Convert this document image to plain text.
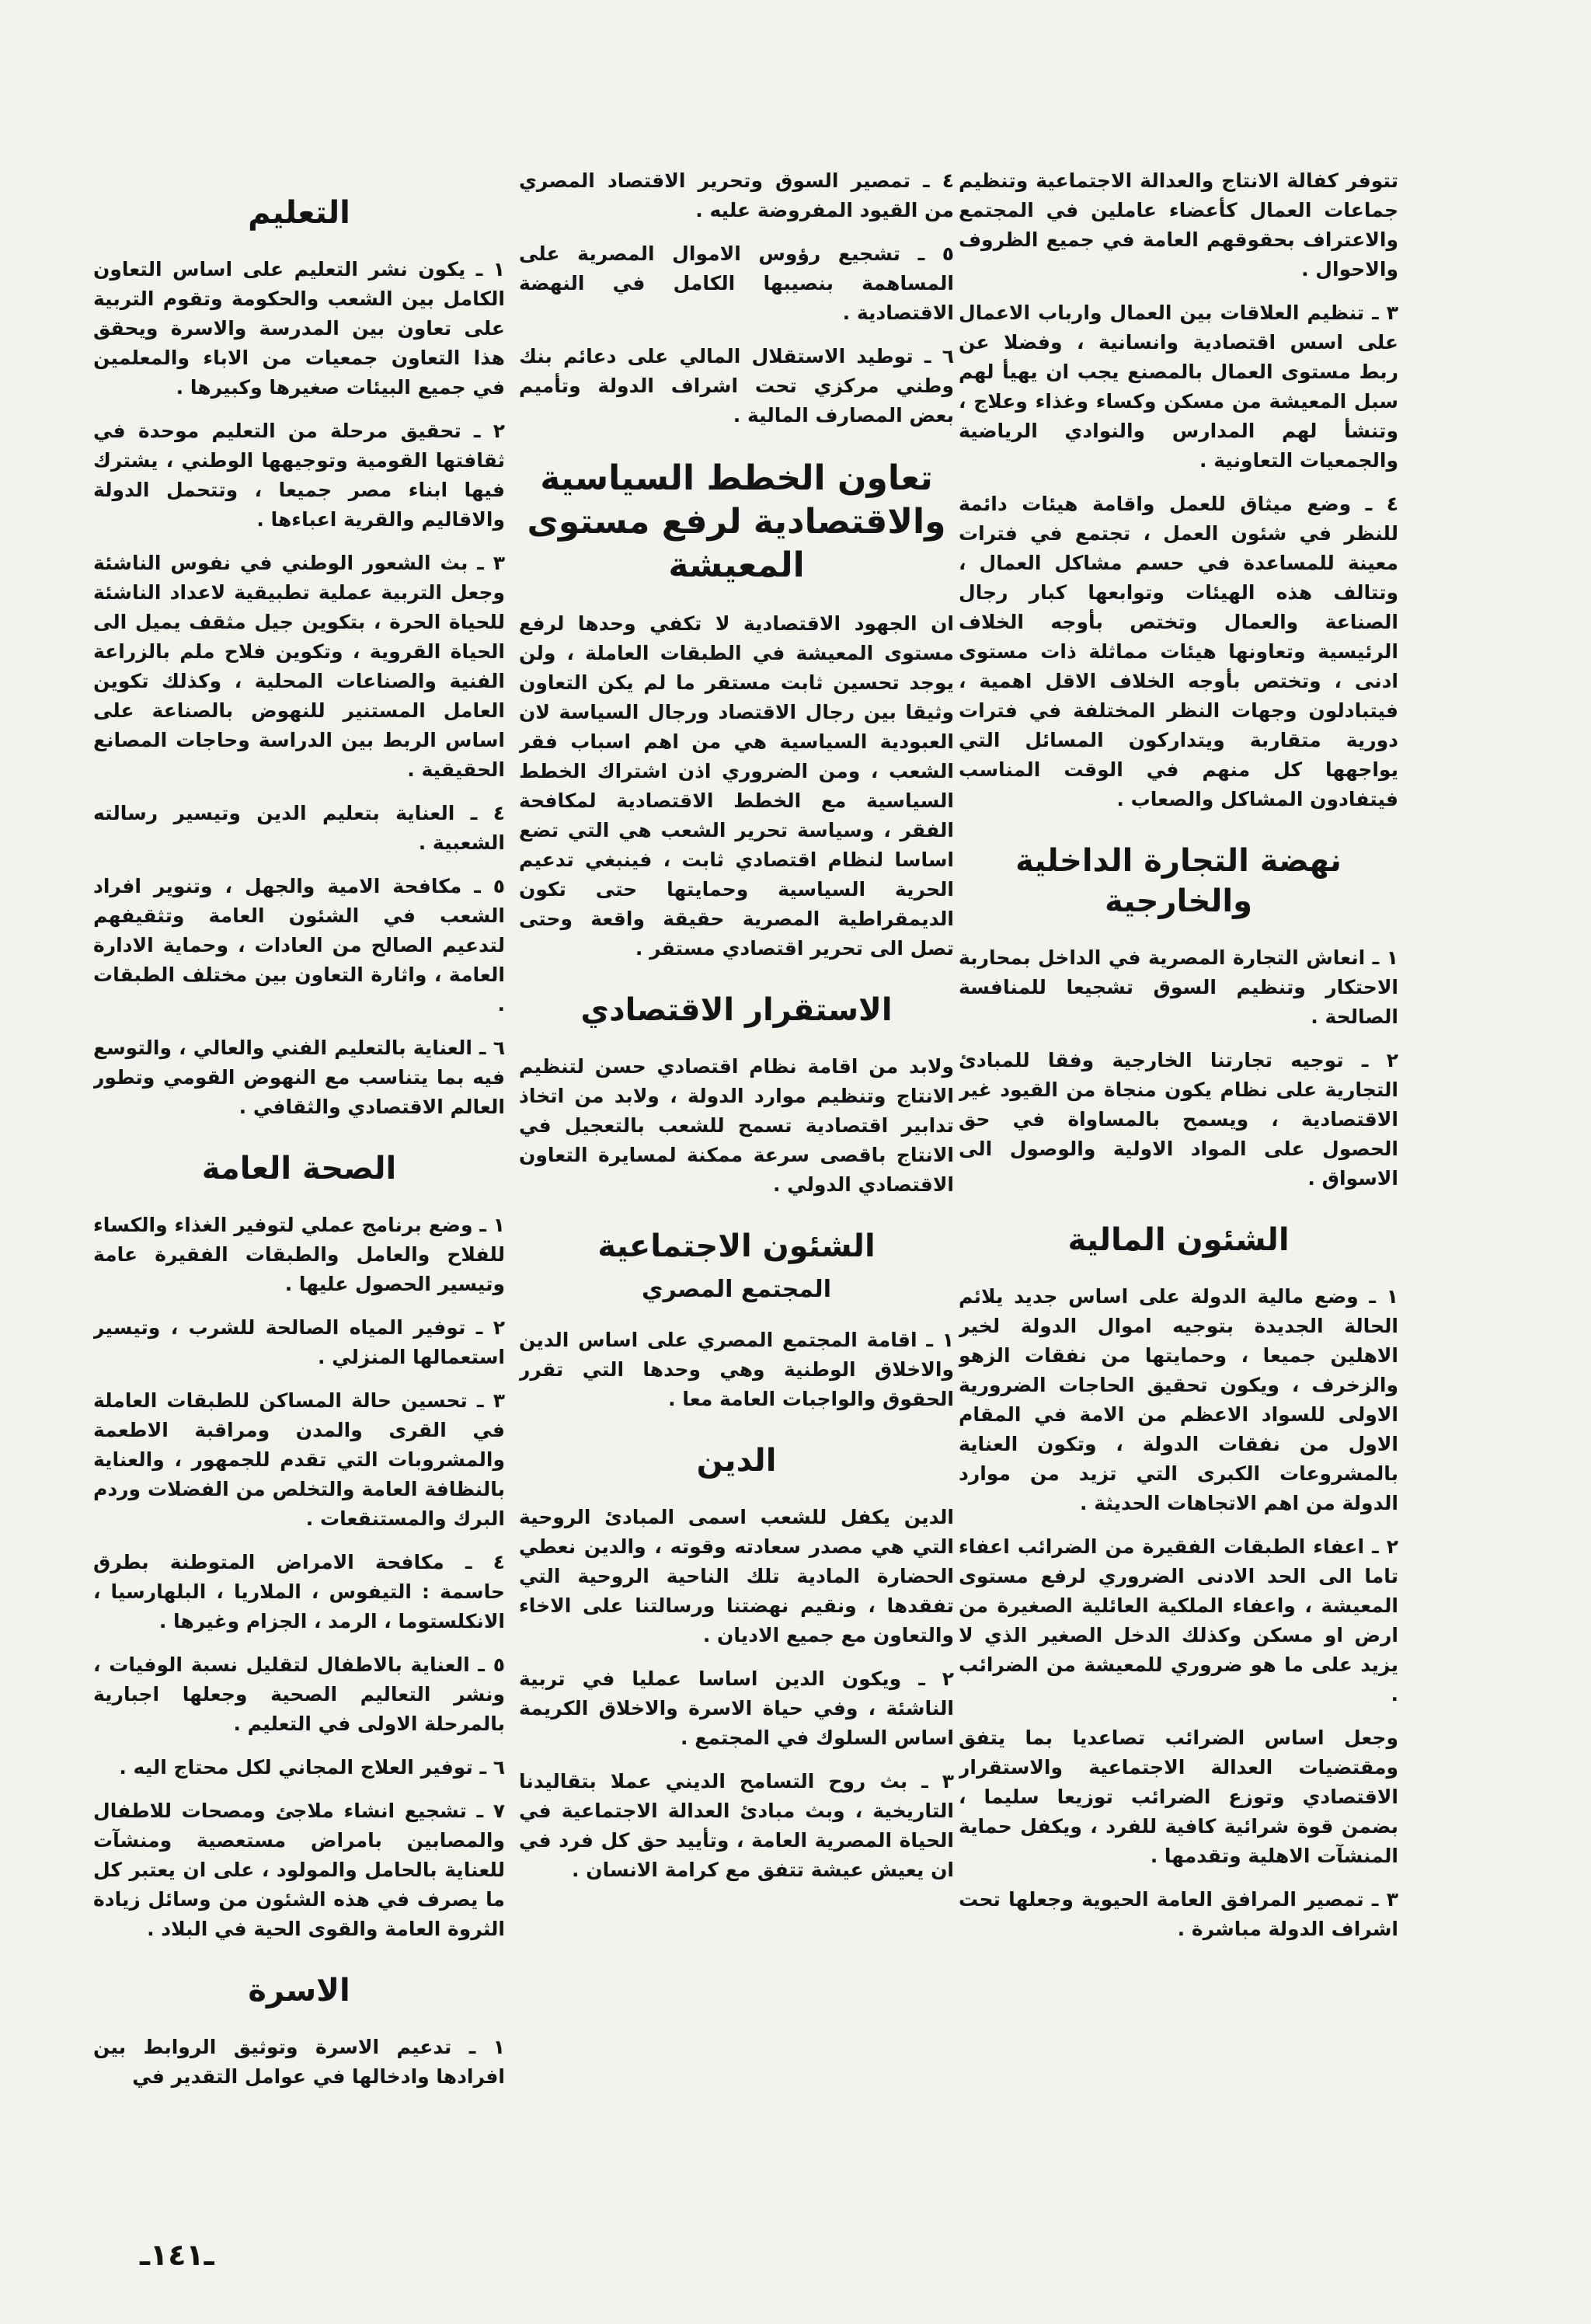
تتوفر كفالة الانتاج والعدالة الاجتماعية وتنظيم جماعات العمال كأعضاء عاملين في المجتمع والاعتراف بحقوقهم العامة في جميع الظروف والاحوال .

٣ ـ تنظيم العلاقات بين العمال وارباب الاعمال على اسس اقتصادية وانسانية ، وفضلا عن ربط مستوى العمال بالمصنع يجب ان يهيأ لهم سبل المعيشة من مسكن وكساء وغذاء وعلاج ، وتنشأ لهم المدارس والنوادي الرياضية والجمعيات التعاونية .

٤ ـ وضع ميثاق للعمل واقامة هيئات دائمة للنظر في شئون العمل ، تجتمع في فترات معينة للمساعدة في حسم مشاكل العمال ، وتتالف هذه الهيئات وتوابعها كبار رجال الصناعة والعمال وتختص بأوجه الخلاف الرئيسية وتعاونها هيئات مماثلة ذات مستوى ادنى ، وتختص بأوجه الخلاف الاقل اهمية ، فيتبادلون وجهات النظر المختلفة في فترات دورية متقاربة ويتداركون المسائل التي يواجهها كل منهم في الوقت المناسب فيتفادون المشاكل والصعاب .

نهضة التجارة الداخلية والخارجية

١ ـ انعاش التجارة المصرية في الداخل بمحاربة الاحتكار وتنظيم السوق تشجيعا للمنافسة الصالحة .

٢ ـ توجيه تجارتنا الخارجية وفقا للمبادئ التجارية على نظام يكون منجاة من القيود غير الاقتصادية ، ويسمح بالمساواة في حق الحصول على المواد الاولية والوصول الى الاسواق .

الشئون المالية

١ ـ وضع مالية الدولة على اساس جديد يلائم الحالة الجديدة بتوجيه اموال الدولة لخير الاهلين جميعا ، وحمايتها من نفقات الزهو والزخرف ، ويكون تحقيق الحاجات الضرورية الاولى للسواد الاعظم من الامة في المقام الاول من نفقات الدولة ، وتكون العناية بالمشروعات الكبرى التي تزيد من موارد الدولة من اهم الاتجاهات الحديثة .

٢ ـ اعفاء الطبقات الفقيرة من الضرائب اعفاء تاما الى الحد الادنى الضروري لرفع مستوى المعيشة ، واعفاء الملكية العائلية الصغيرة من ارض او مسكن وكذلك الدخل الصغير الذي لا يزيد على ما هو ضروري للمعيشة من الضرائب .

وجعل اساس الضرائب تصاعديا بما يتفق ومقتضيات العدالة الاجتماعية والاستقرار الاقتصادي وتوزع الضرائب توزيعا سليما ، بضمن قوة شرائية كافية للفرد ، ويكفل حماية المنشآت الاهلية وتقدمها .

٣ ـ تمصير المرافق العامة الحيوية وجعلها تحت اشراف الدولة مباشرة .

٤ ـ تمصير السوق وتحرير الاقتصاد المصري من القيود المفروضة عليه .

٥ ـ تشجيع رؤوس الاموال المصرية على المساهمة بنصيبها الكامل في النهضة الاقتصادية .

٦ ـ توطيد الاستقلال المالي على دعائم بنك وطني مركزي تحت اشراف الدولة وتأميم بعض المصارف المالية .

تعاون الخطط السياسية والاقتصادية لرفع مستوى المعيشة

ان الجهود الاقتصادية لا تكفي وحدها لرفع مستوى المعيشة في الطبقات العاملة ، ولن يوجد تحسين ثابت مستقر ما لم يكن التعاون وثيقا بين رجال الاقتصاد ورجال السياسة لان العبودية السياسية هي من اهم اسباب فقر الشعب ، ومن الضروري اذن اشتراك الخطط السياسية مع الخطط الاقتصادية لمكافحة الفقر ، وسياسة تحرير الشعب هي التي تضع اساسا لنظام اقتصادي ثابت ، فينبغي تدعيم الحرية السياسية وحمايتها حتى تكون الديمقراطية المصرية حقيقة واقعة وحتى تصل الى تحرير اقتصادي مستقر .

الاستقرار الاقتصادي

ولابد من اقامة نظام اقتصادي حسن لتنظيم الانتاج وتنظيم موارد الدولة ، ولابد من اتخاذ تدابير اقتصادية تسمح للشعب بالتعجيل في الانتاج باقصى سرعة ممكنة لمسايرة التعاون الاقتصادي الدولي .

الشئون الاجتماعية
المجتمع المصري

١ ـ اقامة المجتمع المصري على اساس الدين والاخلاق الوطنية وهي وحدها التي تقرر الحقوق والواجبات العامة معا .

الدين

الدين يكفل للشعب اسمى المبادئ الروحية التي هي مصدر سعادته وقوته ، والدين نعطي الحضارة المادية تلك الناحية الروحية التي تفقدها ، ونقيم نهضتنا ورسالتنا على الاخاء والتعاون مع جميع الاديان .

٢ ـ ويكون الدين اساسا عمليا في تربية الناشئة ، وفي حياة الاسرة والاخلاق الكريمة اساس السلوك في المجتمع .

٣ ـ بث روح التسامح الديني عملا بتقاليدنا التاريخية ، وبث مبادئ العدالة الاجتماعية في الحياة المصرية العامة ، وتأييد حق كل فرد في ان يعيش عيشة تتفق مع كرامة الانسان .

التعليم

١ ـ يكون نشر التعليم على اساس التعاون الكامل بين الشعب والحكومة وتقوم التربية على تعاون بين المدرسة والاسرة ويحقق هذا التعاون جمعيات من الاباء والمعلمين في جميع البيئات صغيرها وكبيرها .

٢ ـ تحقيق مرحلة من التعليم موحدة في ثقافتها القومية وتوجيهها الوطني ، يشترك فيها ابناء مصر جميعا ، وتتحمل الدولة والاقاليم والقرية اعباءها .

٣ ـ بث الشعور الوطني في نفوس الناشئة وجعل التربية عملية تطبيقية لاعداد الناشئة للحياة الحرة ، بتكوين جيل مثقف يميل الى الحياة القروية ، وتكوين فلاح ملم بالزراعة الفنية والصناعات المحلية ، وكذلك تكوين العامل المستنير للنهوض بالصناعة على اساس الربط بين الدراسة وحاجات المصانع الحقيقية .

٤ ـ العناية بتعليم الدين وتيسير رسالته الشعبية .

٥ ـ مكافحة الامية والجهل ، وتنوير افراد الشعب في الشئون العامة وتثقيفهم لتدعيم الصالح من العادات ، وحماية الادارة العامة ، واثارة التعاون بين مختلف الطبقات .

٦ ـ العناية بالتعليم الفني والعالي ، والتوسع فيه بما يتناسب مع النهوض القومي وتطور العالم الاقتصادي والثقافي .

الصحة العامة

١ ـ وضع برنامج عملي لتوفير الغذاء والكساء للفلاح والعامل والطبقات الفقيرة عامة وتيسير الحصول عليها .

٢ ـ توفير المياه الصالحة للشرب ، وتيسير استعمالها المنزلي .

٣ ـ تحسين حالة المساكن للطبقات العاملة في القرى والمدن ومراقبة الاطعمة والمشروبات التي تقدم للجمهور ، والعناية بالنظافة العامة والتخلص من الفضلات وردم البرك والمستنقعات .

٤ ـ مكافحة الامراض المتوطنة بطرق حاسمة : التيفوس ، الملاريا ، البلهارسيا ، الانكلستوما ، الرمد ، الجزام وغيرها .

٥ ـ العناية بالاطفال لتقليل نسبة الوفيات ، ونشر التعاليم الصحية وجعلها اجبارية بالمرحلة الاولى في التعليم .

٦ ـ توفير العلاج المجاني لكل محتاج اليه .

٧ ـ تشجيع انشاء ملاجئ ومصحات للاطفال والمصابين بامراض مستعصية ومنشآت للعناية بالحامل والمولود ، على ان يعتبر كل ما يصرف في هذه الشئون من وسائل زيادة الثروة العامة والقوى الحية في البلاد .

الاسرة

١ ـ تدعيم الاسرة وتوثيق الروابط بين افرادها وادخالها في عوامل التقدير في

ـ١٤١ـ
